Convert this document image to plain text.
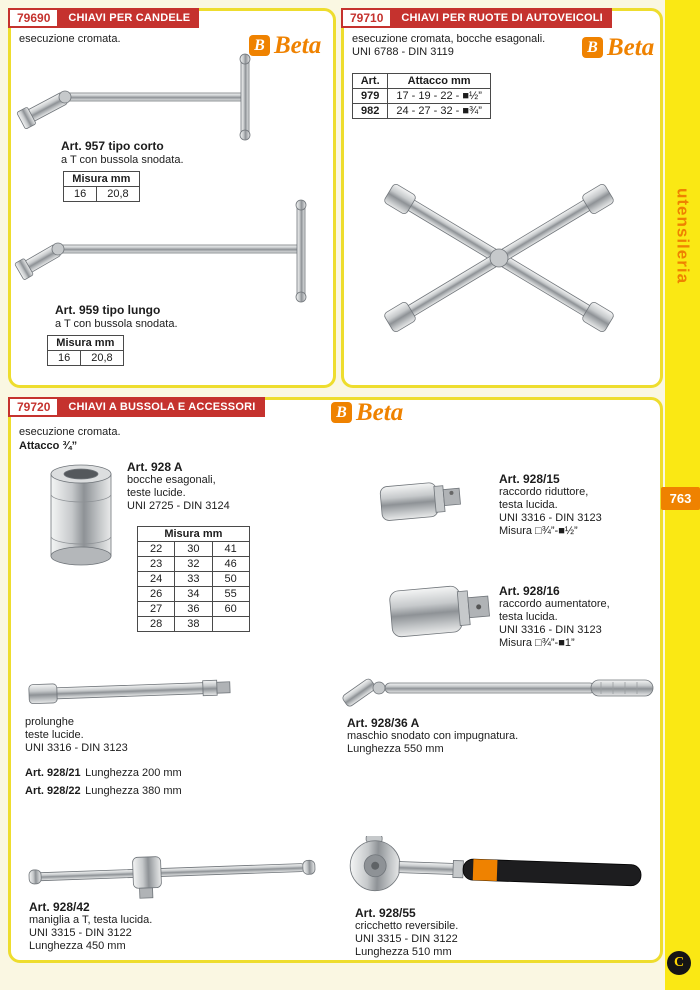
79690	CHIAVI PER CANDELE
esecuzione cromata.	B Beta
Art. 957 tipo corto
a T con bussola snodata.
Misura mm
16	20,8
Art. 959 tipo lungo
a T con bussola snodata.
Misura mm
16	20,8
79710	CHIAVI PER RUOTE DI AUTOVEICOLI
esecuzione cromata, bocche esagonali.
UNI 6788 - DIN 3119	B Beta
Art.	Attacco mm
979	17 - 19 - 22 - ■½”
982	24 - 27 - 32 - ■¾”
79720	CHIAVI A BUSSOLA E ACCESSORI	B Beta
esecuzione cromata.
Attacco ¾”
Art. 928 A
bocche esagonali,
teste lucide.
UNI 2725 - DIN 3124
Misura mm		
22	30	41
23	32	46
24	33	50
26	34	55
27	36	60
28	38	
Art. 928/15
raccordo riduttore,
testa lucida.
UNI 3316 - DIN 3123
Misura □¾”-■½”
Art. 928/16
raccordo aumentatore,
testa lucida.
UNI 3316 - DIN 3123
Misura □¾”-■1”
prolunghe
teste lucide.
UNI 3316 - DIN 3123
Art. 928/21 Lunghezza 200 mm
Art. 928/22 Lunghezza 380 mm
Art. 928/36 A
maschio snodato con impugnatura.
Lunghezza 550 mm
Art. 928/42
maniglia a T, testa lucida.
UNI 3315 - DIN 3122
Lunghezza 450 mm
Art. 928/55
cricchetto reversibile.
UNI 3315 - DIN 3122
Lunghezza 510 mm
utensileria
763
C
